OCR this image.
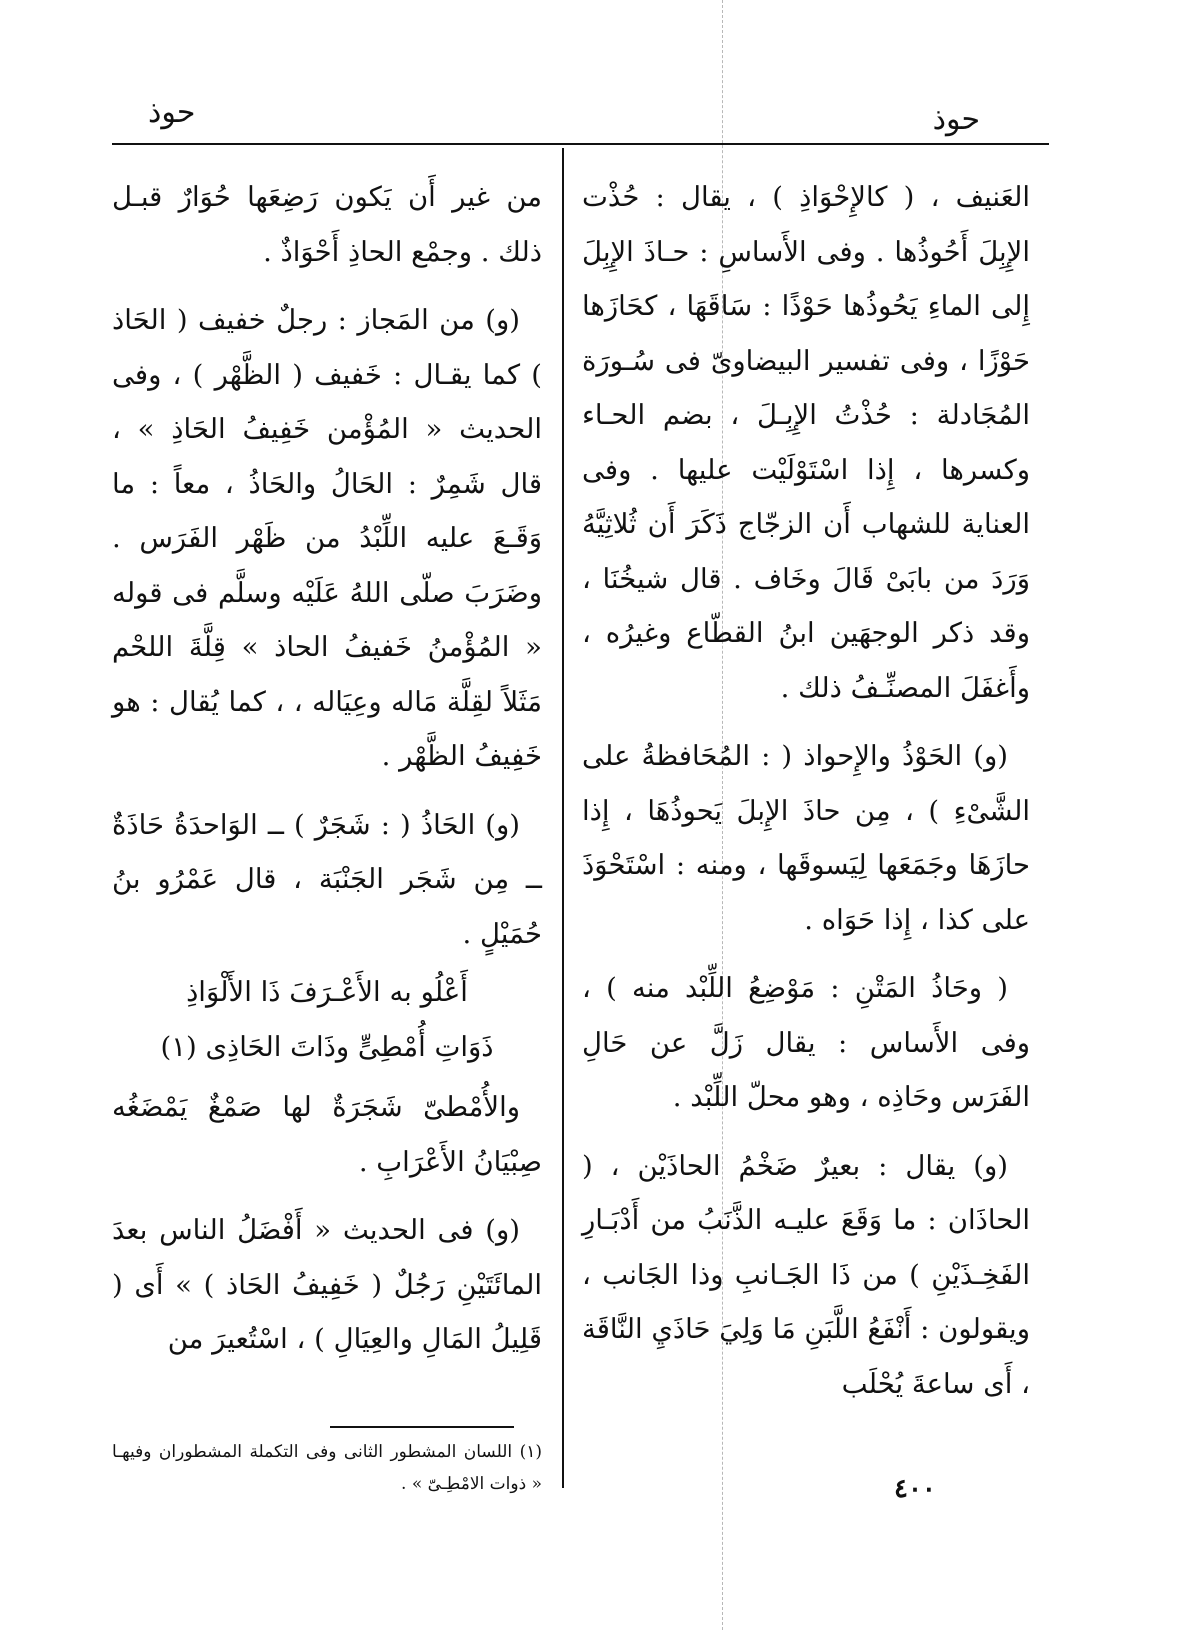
حوذ
حوذ

العَنيف ، ( كالإِحْوَاذِ ) ، يقال : حُذْت الإِبِلَ أَحُوذُها . وفى الأَساسِ : حـاذَ الإِبِلَ إِلى الماءِ يَحُوذُها حَوْذًا : سَاقَهَا ، كحَازَها حَوْزًا ، وفى تفسير البيضاوىّ فى سُـورَة المُجَادلة : حُذْتُ الإِبِـلَ ، بضم الحـاء وكسرها ، إِذا اسْتَوْلَيْت عليها . وفى العناية للشهاب أَن الزجّاج ذَكَرَ أَن ثُلاثِيَّهُ وَرَدَ من بابَىْ قَالَ وخَاف . قال شيخُنَا ، وقد ذكر الوجهَين ابنُ القطّاع وغيرُه ، وأَغفَلَ المصنِّـفُ ذلك .

(و) الحَوْذُ والإِحواذ ( : المُحَافظةُ على الشَّىْءِ ) ، مِن حاذَ الإِبلَ يَحوذُهَا ، إِذا حازَهَا وجَمَعَها لِيَسوقَها ، ومنه : اسْتَحْوَذَ على كذا ، إِذا حَوَاه .

( وحَاذُ المَتْنِ : مَوْضِعُ اللِّبْد منه ) ، وفى الأَساس : يقال زَلَّ عن حَالِ الفَرَس وحَاذِه ، وهو محلّ اللِّبْد .

(و) يقال : بعيرٌ ضَخْمُ الحاذَيْن ، ( الحاذَان : ما وَقَعَ عليـه الذَّنَبُ من أَدْبَـارِ الفَخِـذَيْنِ ) من ذَا الجَـانبِ وذا الجَانب ، ويقولون : أَنْفَعُ اللَّبَنِ مَا وَلِيَ حَاذَيِ النَّاقَة ، أَى ساعةَ يُحْلَب

من غير أَن يَكون رَضِعَها حُوَارٌ قبـل ذلك . وجمْع الحاذِ أَحْوَاذٌ .

(و) من المَجاز : رجلٌ خفيف ( الحَاذ ) كما يقـال : خَفيف ( الظَّهْر ) ، وفى الحديث « المُؤْمن خَفِيفُ الحَاذِ » ، قال شَمِرٌ : الحَالُ والحَاذُ ، معاً : ما وَقَـعَ عليه اللِّبْدُ من ظَهْر الفَرَس . وضَرَبَ صلّى اللهُ عَلَيْه وسلَّم فى قوله « المُؤْمنُ خَفيفُ الحاذ » قِلَّةَ اللحْم مَثَلاً لقِلَّة مَاله وعِيَاله ، ، كما يُقال : هو خَفِيفُ الظَّهْر .

(و) الحَاذُ ( : شَجَرٌ ) ــ الوَاحدَةُ حَاذَةٌ ــ مِن شَجَر الجَنْبَة ، قال عَمْرُو بنُ حُمَيْلٍ .

أَعْلُو به الأَعْـرَفَ ذَا الأَلْوَاذِ
ذَوَاتِ أُمْطِىٍّ وذَاتَ الحَاذِى (١)

والأُمْطىّ شَجَرَةٌ لها صَمْغٌ يَمْضَغُه صِبْيَانُ الأَعْرَابِ .

(و) فى الحديث « أَفْضَلُ الناس بعدَ المائَتَيْنِ رَجُلٌ ( خَفِيفُ الحَاذ ) » أَى ( قَلِيلُ المَالِ والعِيَالِ ) ، اسْتُعيرَ من

(١) اللسان المشطور الثانى وفى التكملة المشطوران وفيهـا « ذوات الامْطِـىّ » .	٤٠٠
